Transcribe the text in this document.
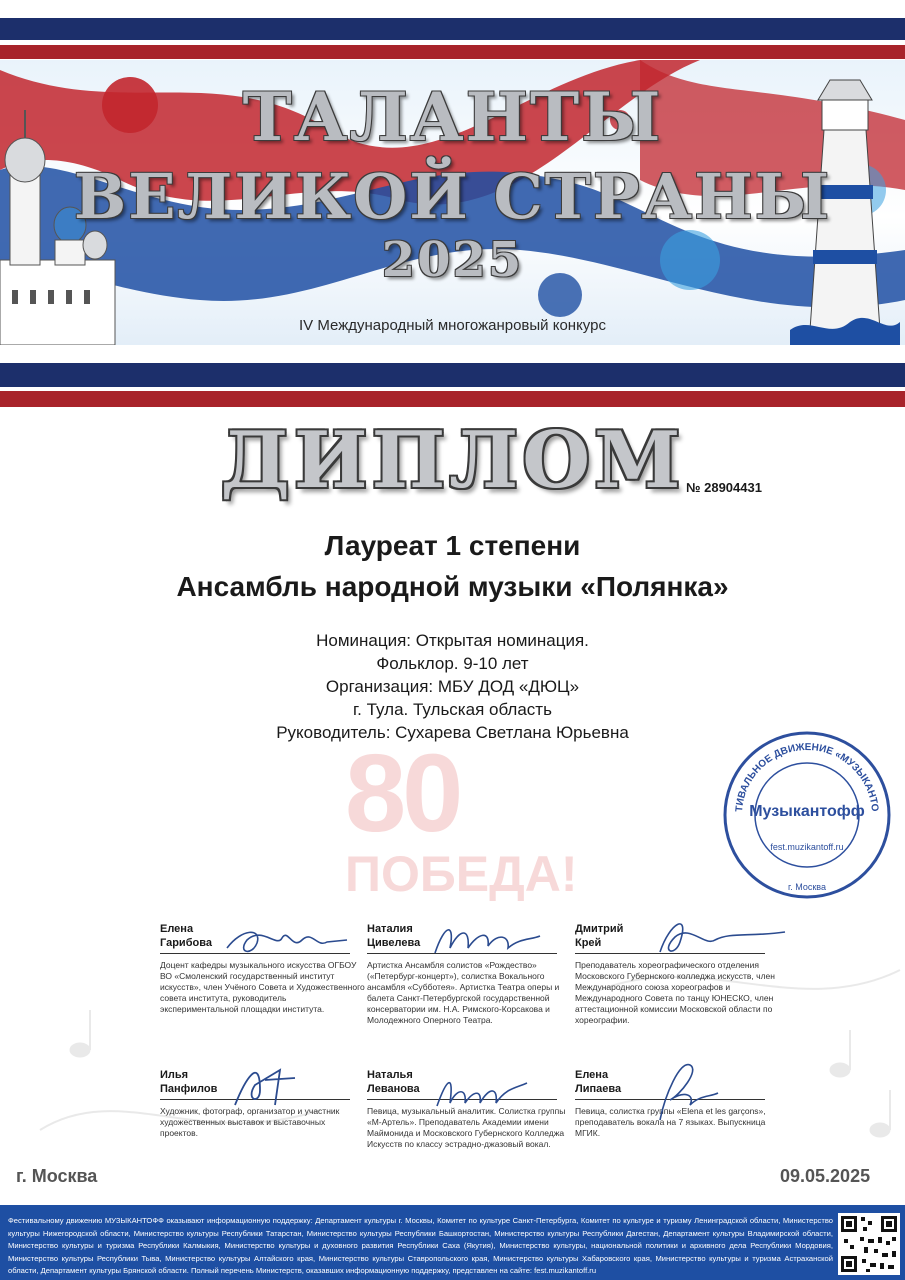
ТАЛАНТЫ
ВЕЛИКОЙ СТРАНЫ
2025
IV Международный многожанровый конкурс
80
ПОБЕДА!
ДИПЛОМ № 28904431
Лауреат 1 степени
Ансамбль народной музыки «Полянка»
Номинация: Открытая номинация.
Фольклор. 9-10 лет
Организация: МБУ ДОД «ДЮЦ»
г. Тула. Тульская область
Руководитель: Сухарева Светлана Юрьевна
ТИВАЛЬНОЕ ДВИЖЕНИЕ «МУЗЫКАНТО
Музыкантофф
fest.muzikantoff.ru
г. Москва
Елена
Гарибова
Доцент кафедры музыкального искусства ОГБОУ ВО «Смоленский государственный институт искусств», член Учёного Совета и Художественного совета института, руководитель экспериментальной площадки института.
Наталия
Цивелева
Артистка Ансамбля солистов «Рождество» («Петербург-концерт»), солистка Вокального ансамбля «Субботея». Артистка Театра оперы и балета Санкт-Петербургской государственной консерватории им. Н.А. Римского-Корсакова и Молодежного Оперного Театра.
Дмитрий
Крей
Преподаватель хореографического отделения Московского Губернского колледжа искусств, член Международного союза хореографов и Международного Совета по танцу ЮНЕСКО, член аттестационной комиссии Московской области по хореографии.
Илья
Панфилов
Художник, фотограф, организатор и участник художественных выставок и выставочных проектов.
Наталья
Леванова
Певица, музыкальный аналитик. Солистка группы «М-Артель». Преподаватель Академии имени Маймонида и Московского Губернского Колледжа Искусств по классу эстрадно-джазовый вокал.
Елена
Липаева
Певица, солистка группы «Elena et les garçons», преподаватель вокала на 7 языках. Выпускница МГИК.
г. Москва	09.05.2025
Фестивальному движению МУЗЫКАНТОФФ оказывают информационную поддержку: Департамент культуры г. Москвы, Комитет по культуре Санкт-Петербурга, Комитет по культуре и туризму Ленинградской области, Министерство культуры Нижегородской области, Министерство культуры Республики Татарстан, Министерство культуры Республики Башкортостан, Министерство культуры Республики Дагестан, Департамент культуры Владимирской области, Министерство культуры и туризма Республики Калмыкия, Министерство культуры и духовного развития Республики Саха (Якутия), Министерство культуры, национальной политики и архивного дела Республики Мордовия, Министерство культуры Республики Тыва, Министерство культуры Алтайского края, Министерство культуры Ставропольского края, Министерство культуры Хабаровского края, Министерство культуры и туризма Астраханской области, Департамент культуры Брянской области. Полный перечень Министерств, оказавших информационную поддержку, представлен на сайте: fest.muzikantoff.ru
